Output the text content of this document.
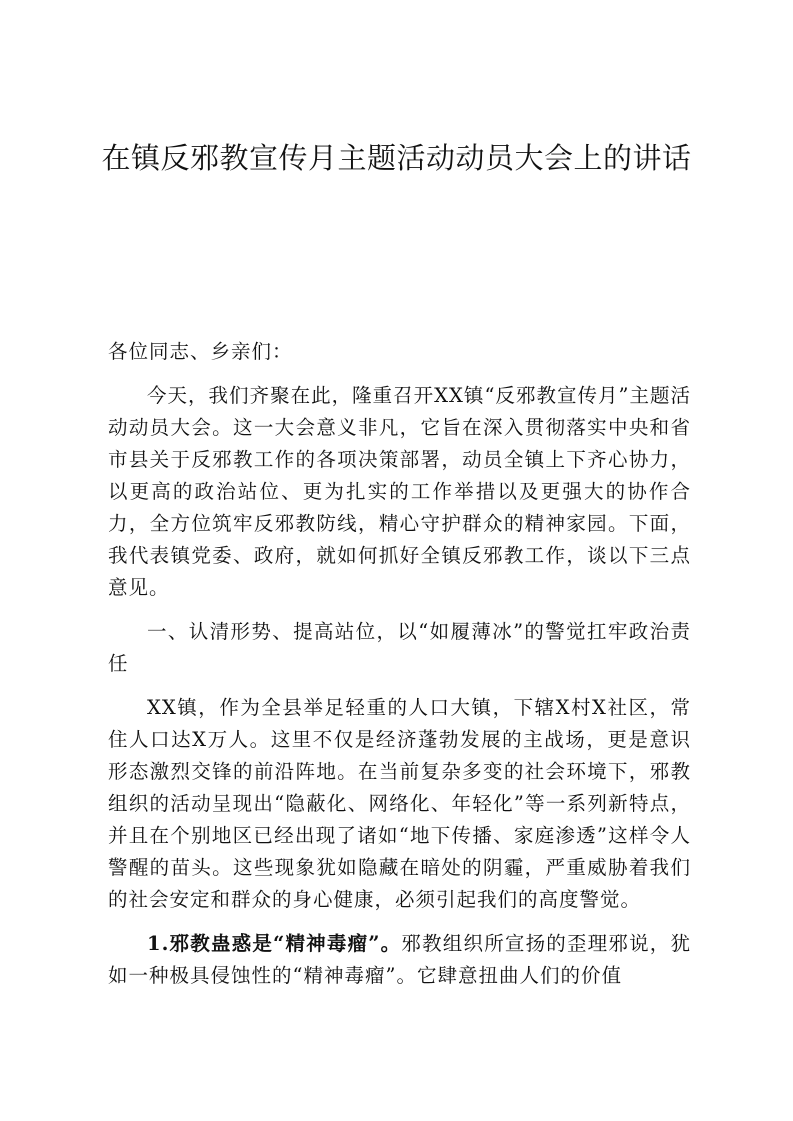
在镇反邪教宣传月主题活动动员大会上的讲话

各位同志、乡亲们：

今天，我们齐聚在此，隆重召开XX镇“反邪教宣传月”主题活动动员大会。这一大会意义非凡，它旨在深入贯彻落实中央和省市县关于反邪教工作的各项决策部署，动员全镇上下齐心协力，以更高的政治站位、更为扎实的工作举措以及更强大的协作合力，全方位筑牢反邪教防线，精心守护群众的精神家园。下面，我代表镇党委、政府，就如何抓好全镇反邪教工作，谈以下三点意见。

一、认清形势、提高站位，以“如履薄冰”的警觉扛牢政治责任

XX镇，作为全县举足轻重的人口大镇，下辖X村X社区，常住人口达X万人。这里不仅是经济蓬勃发展的主战场，更是意识形态激烈交锋的前沿阵地。在当前复杂多变的社会环境下，邪教组织的活动呈现出“隐蔽化、网络化、年轻化”等一系列新特点，并且在个别地区已经出现了诸如“地下传播、家庭渗透”这样令人警醒的苗头。这些现象犹如隐藏在暗处的阴霾，严重威胁着我们的社会安定和群众的身心健康，必须引起我们的高度警觉。

1.邪教蛊惑是“精神毒瘤”。邪教组织所宣扬的歪理邪说，犹如一种极具侵蚀性的“精神毒瘤”。它肆意扭曲人们的价值
